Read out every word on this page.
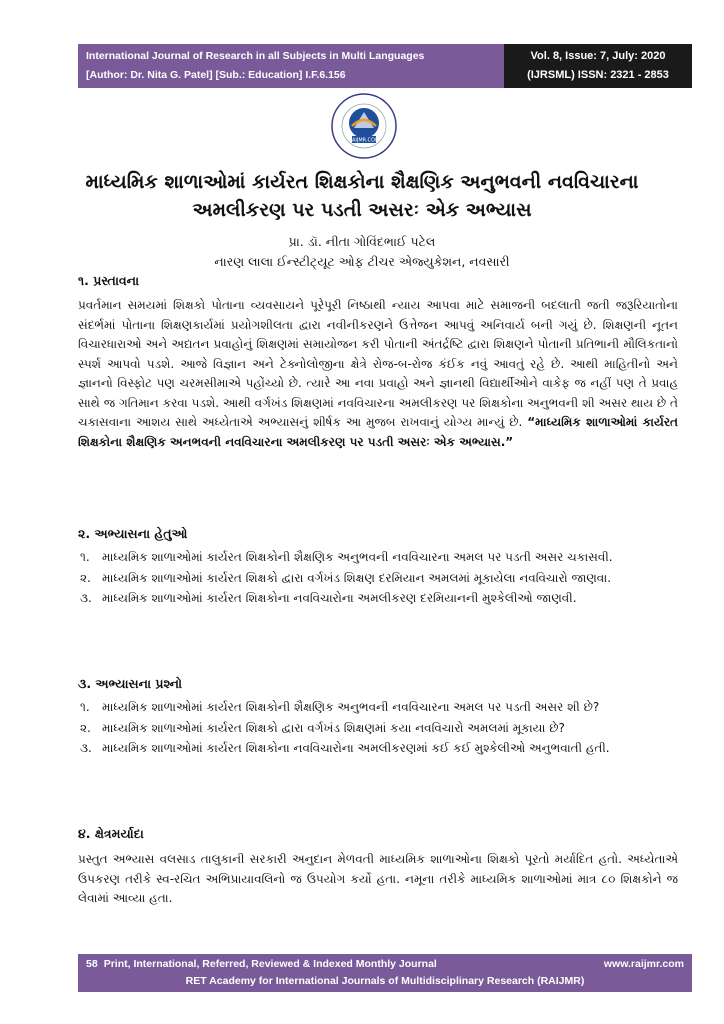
International Journal of Research in all Subjects in Multi Languages
[Author: Dr. Nita G. Patel] [Sub.: Education] I.F.6.156
Vol. 8, Issue: 7, July: 2020
(IJRSML) ISSN: 2321 - 2853
RAIJMR.COM
માધ્યમિક શાળાઓમાં કાર્યરત શિક્ષકોના શૈક્ષણિક અનુભવની નવવિચારના
અમલીકરણ પર પડતી અસરઃ એક અભ્યાસ
પ્રા. ડૉ. નીતા ગોવિંદભાઈ પટેલ
નારણ લાલા ઈન્સ્ટીટ્યૂટ ઓફ ટીચર એજ્યુકેશન, નવસારી
૧. પ્રસ્તાવના
પ્રવર્તમાન સમયમાં શિક્ષકો પોતાના વ્યવસાયને પૂરેપૂરી નિષ્ઠાથી ન્યાય આપવા માટે સમાજની બદલાતી જતી જરૂરિયાતોના સંદર્ભમાં પોતાના શિક્ષણકાર્યમાં પ્રયોગશીલતા દ્વારા નવીનીકરણને ઉત્તેજન આપવું અનિવાર્ય બની ગયું છે. શિક્ષણની નૂતન વિચારધારાઓ અને અદ્યતન પ્રવાહોનું શિક્ષણમાં સમાયોજન કરી પોતાની અંતર્દ્રષ્ટિ દ્વારા શિક્ષણને પોતાની પ્રતિભાની મૌલિકતાનો સ્પર્શ આપવો પડશે. આજે વિજ્ઞાન અને ટેક્નોલોજીના ક્ષેત્રે રોજ-બ-રોજ કંઈક નવું આવતું રહે છે. આથી માહિતીનો અને જ્ઞાનનો વિસ્ફોટ પણ ચરમસીમાએ પહોંચ્યો છે. ત્યારે આ નવા પ્રવાહો અને જ્ઞાનથી વિદ્યાર્થીઓને વાકેફ જ નહીં પણ તે પ્રવાહ સાથે જ ગતિમાન કરવા પડશે. આથી વર્ગખંડ શિક્ષણમાં નવવિચારના અમલીકરણ પર શિક્ષકોના અનુભવની શી અસર થાય છે તે ચકાસવાના આશય સાથે અધ્યેતાએ અભ્યાસનું શીર્ષક આ મુજબ રાખવાનું યોગ્ય માન્યું છે. “માધ્યમિક શાળાઓમાં કાર્યરત શિક્ષકોના શૈક્ષણિક અનભવની નવવિચારના અમલીકરણ પર પડતી અસરઃ એક અભ્યાસ.”
૨. અભ્યાસના હેતુઓ
૧.	માધ્યમિક શાળાઓમાં કાર્યરત શિક્ષકોની શૈક્ષણિક અનુભવની નવવિચારના અમલ પર પડતી અસર ચકાસવી.
૨. માધ્યમિક શાળાઓમાં કાર્યરત શિક્ષકો દ્વારા વર્ગખંડ શિક્ષણ દરમિયાન અમલમાં મૂકાયેલા નવવિચારો જાણવા.
૩. માધ્યમિક શાળાઓમાં કાર્યરત શિક્ષકોના નવવિચારોના અમલીકરણ દરમિયાનની મુશ્કેલીઓ જાણવી.
૩. અભ્યાસના પ્રશ્નો
૧.	માધ્યમિક શાળાઓમાં કાર્યરત શિક્ષકોની શૈક્ષણિક અનુભવની નવવિચારના અમલ પર પડતી અસર શી છે?
૨. માધ્યમિક શાળાઓમાં કાર્યરત શિક્ષકો દ્વારા વર્ગખંડ શિક્ષણમાં કયા નવવિચારો અમલમાં મૂકાયા છે?
૩. માધ્યમિક શાળાઓમાં કાર્યરત શિક્ષકોના નવવિચારોના અમલીકરણમાં કઈ કઈ મુશ્કેલીઓ અનુભવાતી હતી.
૪. ક્ષેત્રમર્યાદા
પ્રસ્તુત અભ્યાસ વલસાડ તાલુકાની સરકારી અનુદાન મેળવતી માધ્યમિક શાળાઓના શિક્ષકો પૂરતો મર્યાદિત હતો. અધ્યેતાએ ઉપકરણ તરીકે સ્વ-રચિત અભિપ્રાયાવલિનો જ ઉપયોગ કર્યો હતા. નમૂના તરીકે માધ્યમિક શાળાઓમાં માત્ર ૮૦ શિક્ષકોને જ લેવામાં આવ્યા હતા.
58 Print, International, Referred, Reviewed & Indexed Monthly Journal	www.raijmr.com
RET Academy for International Journals of Multidisciplinary Research (RAIJMR)
